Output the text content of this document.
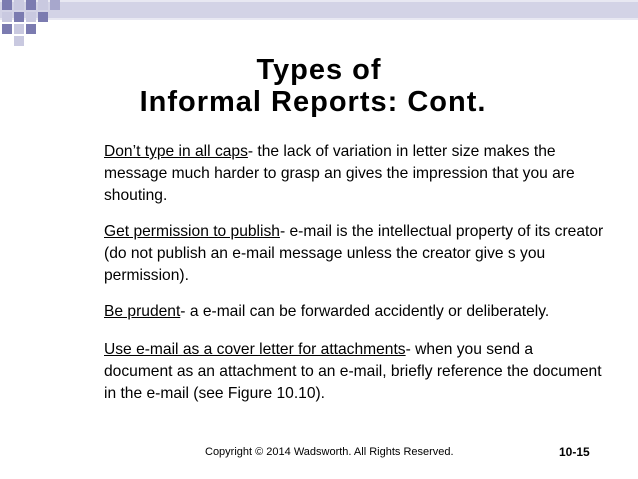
Types of
Informal Reports: Cont.

Don’t type in all caps- the lack of variation in letter size makes the message much harder to grasp an gives the impression that you are shouting.

Get permission to publish- e-mail is the intellectual property of its creator (do not publish an e-mail message unless the creator give s you permission).

Be prudent- a e-mail can be forwarded accidently or deliberately.

Use e-mail as a cover letter for attachments- when you send a document as an attachment to an e-mail, briefly reference the document in the e-mail (see Figure 10.10).

Copyright © 2014 Wadsworth. All Rights Reserved.	10-15
